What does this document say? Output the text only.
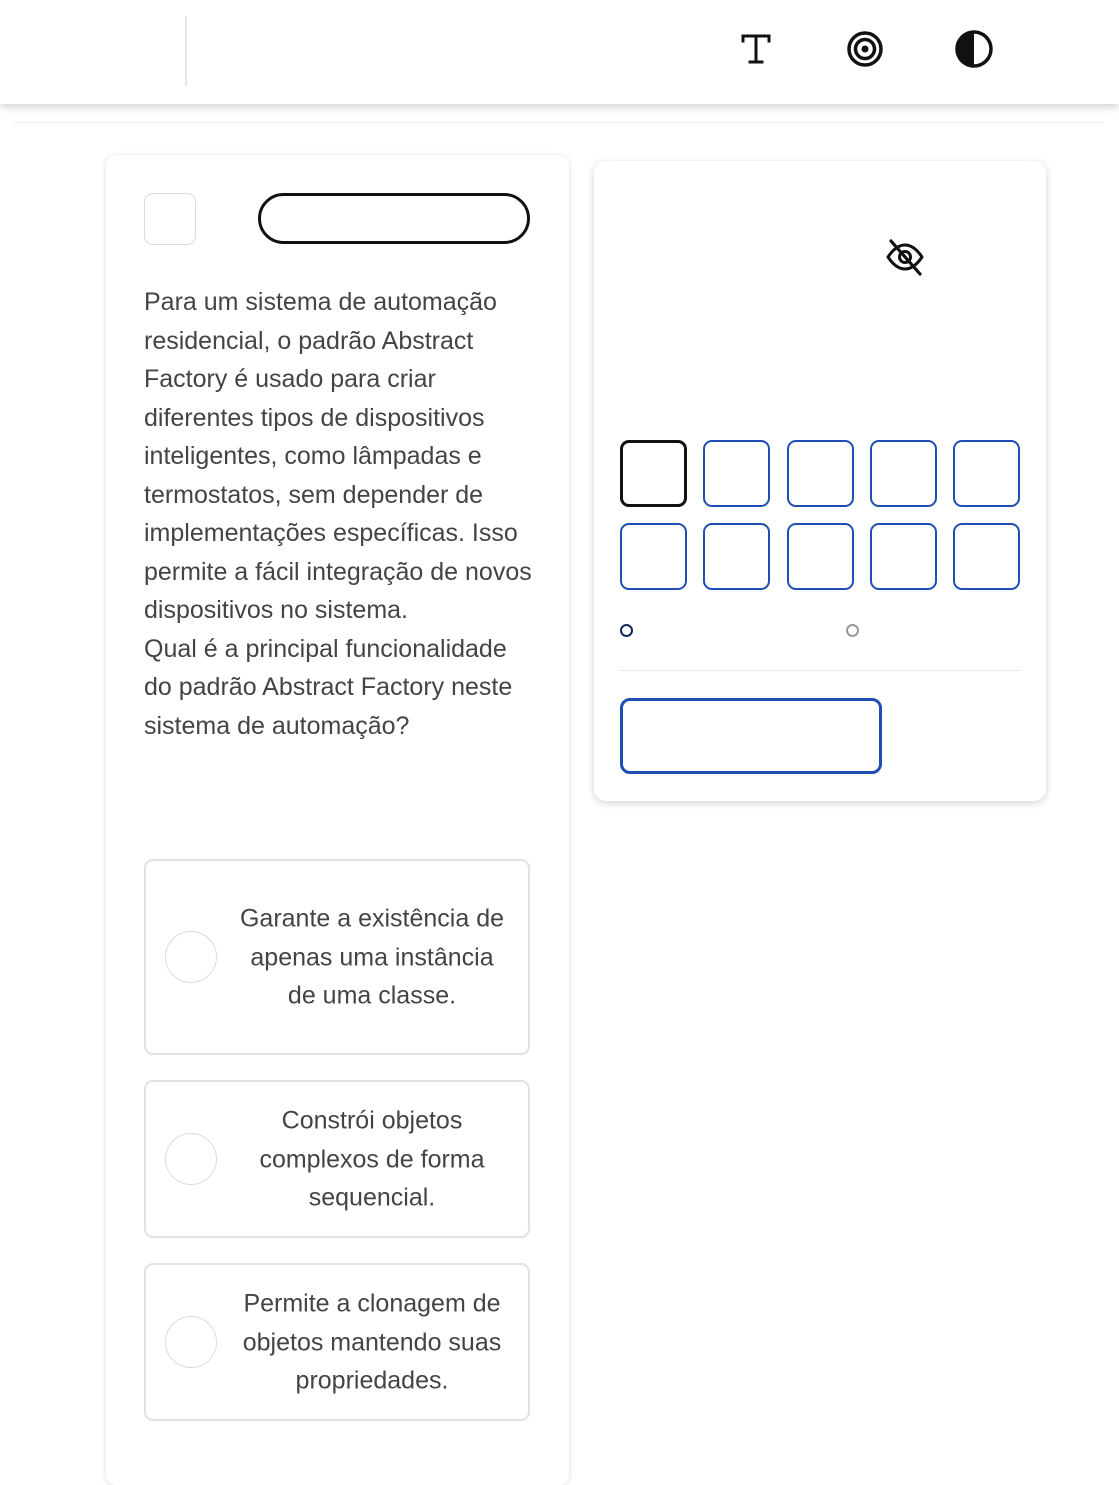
Para um sistema de automação residencial, o padrão Abstract Factory é usado para criar diferentes tipos de dispositivos inteligentes, como lâmpadas e termostatos, sem depender de implementações específicas. Isso permite a fácil integração de novos dispositivos no sistema.
Qual é a principal funcionalidade do padrão Abstract Factory neste sistema de automação?
Garante a existência de apenas uma instância de uma classe.
Constrói objetos complexos de forma sequencial.
Permite a clonagem de objetos mantendo suas propriedades.
